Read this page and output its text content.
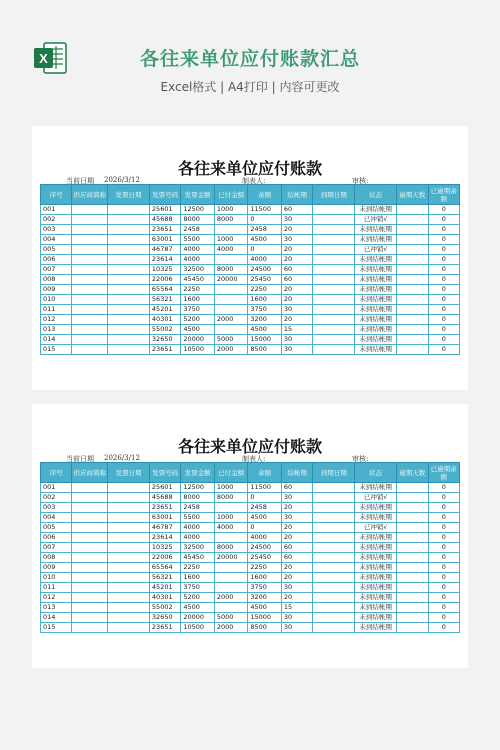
X	各往来单位应付账款汇总
Excel格式 | A4打印 | 内容可更改
各往来单位应付账款
当前日期 2026/3/12	制表人:	审核:
序号	供应商简称	发票日期	发票号码	发票金额	已付金额	余额	结帐期	到期日期	状态	逾期天数	已逾期余额
001			25601	12500	1000	11500	60		未到结帐期		0
002			45688	8000	8000	0	30		已冲销√		0
003			23651	2458		2458	20		未到结帐期		0
004			63001	5500	1000	4500	30		未到结帐期		0
005			46787	4000	4000	0	20		已冲销√		0
006			23614	4000		4000	20		未到结帐期		0
007			10325	32500	8000	24500	60		未到结帐期		0
008			22006	45450	20000	25450	60		未到结帐期		0
009			65564	2250		2250	20		未到结帐期		0
010			56321	1600		1600	20		未到结帐期		0
011			45201	3750		3750	30		未到结帐期		0
012			40301	5200	2000	3200	20		未到结帐期		0
013			55002	4500		4500	15		未到结帐期		0
014			32650	20000	5000	15000	30		未到结帐期		0
015			23651	10500	2000	8500	30		未到结帐期		0
各往来单位应付账款
当前日期 2026/3/12	制表人:	审核:
序号	供应商简称	发票日期	发票号码	发票金额	已付金额	余额	结帐期	到期日期	状态	逾期天数	已逾期余额
001			25601	12500	1000	11500	60		未到结帐期		0
002			45688	8000	8000	0	30		已冲销√		0
003			23651	2458		2458	20		未到结帐期		0
004			63001	5500	1000	4500	30		未到结帐期		0
005			46787	4000	4000	0	20		已冲销√		0
006			23614	4000		4000	20		未到结帐期		0
007			10325	32500	8000	24500	60		未到结帐期		0
008			22006	45450	20000	25450	60		未到结帐期		0
009			65564	2250		2250	20		未到结帐期		0
010			56321	1600		1600	20		未到结帐期		0
011			45201	3750		3750	30		未到结帐期		0
012			40301	5200	2000	3200	20		未到结帐期		0
013			55002	4500		4500	15		未到结帐期		0
014			32650	20000	5000	15000	30		未到结帐期		0
015			23651	10500	2000	8500	30		未到结帐期		0
